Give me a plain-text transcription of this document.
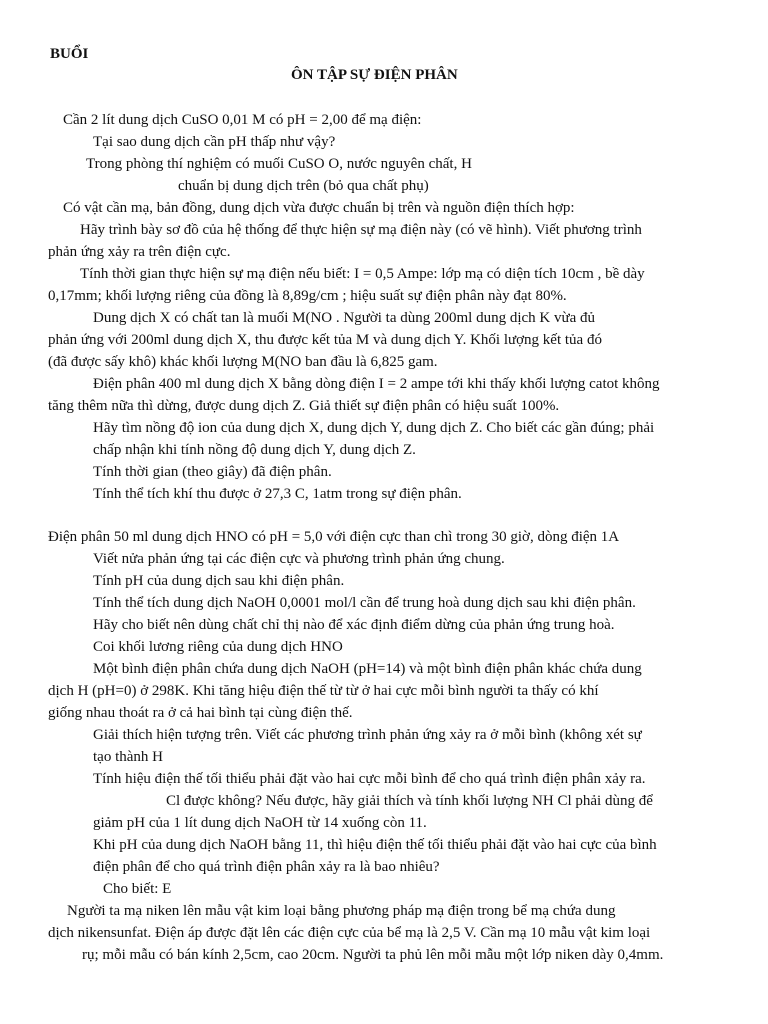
BUỔI
ÔN TẬP SỰ ĐIỆN PHÂN
Cần 2 lít dung dịch CuSO 0,01 M có pH = 2,00 để mạ điện:
Tại sao dung dịch cần pH thấp như vậy?
Trong phòng thí nghiệm có muối CuSO O, nước nguyên chất, H
chuẩn bị dung dịch trên (bỏ qua chất phụ)
Có vật cần mạ, bản đồng, dung dịch vừa được chuẩn bị trên và nguồn điện thích hợp:
Hãy trình bày sơ đồ của hệ thống để thực hiện sự mạ điện này (có vẽ hình). Viết phương trình
phản ứng xảy ra trên điện cực.
Tính thời gian thực hiện sự mạ điện nếu biết: I = 0,5 Ampe: lớp mạ có diện tích 10cm , bề dày
0,17mm; khối lượng riêng của đồng là 8,89g/cm ; hiệu suất sự điện phân này đạt 80%.
Dung dịch X có chất tan là muối M(NO . Người ta dùng 200ml dung dịch K vừa đủ
phản ứng với 200ml dung dịch X, thu được kết tủa M và dung dịch Y. Khối lượng kết tủa đó
(đã được sấy khô) khác khối lượng M(NO ban đầu là 6,825 gam.
Điện phân 400 ml dung dịch X bằng dòng điện I = 2 ampe tới khi thấy khối lượng catot không
tăng thêm nữa thì dừng, được dung dịch Z. Giả thiết sự điện phân có hiệu suất 100%.
Hãy tìm nồng độ ion của dung dịch X, dung dịch Y, dung dịch Z. Cho biết các gần đúng; phải
chấp nhận khi tính nồng độ dung dịch Y, dung dịch Z.
Tính thời gian (theo giây) đã điện phân.
Tính thể tích khí thu được ở 27,3 C, 1atm trong sự điện phân.
Điện phân 50 ml dung dịch HNO có pH = 5,0 với điện cực than chì trong 30 giờ, dòng điện 1A
Viết nửa phản ứng tại các điện cực và phương trình phản ứng chung.
Tính pH của dung dịch sau khi điện phân.
Tính thể tích dung dịch NaOH 0,0001 mol/l cần để trung hoà dung dịch sau khi điện phân.
Hãy cho biết nên dùng chất chỉ thị nào để xác định điểm dừng của phản ứng trung hoà.
Coi khối lương riêng của dung dịch HNO
Một bình điện phân chứa dung dịch NaOH (pH=14) và một bình điện phân khác chứa dung
dịch H (pH=0) ở 298K. Khi tăng hiệu điện thế từ từ ở hai cực mỗi bình người ta thấy có khí
giống nhau thoát ra ở cả hai bình tại cùng điện thế.
Giải thích hiện tượng trên. Viết các phương trình phản ứng xảy ra ở mỗi bình (không xét sự
tạo thành H
Tính hiệu điện thế tối thiểu phải đặt vào hai cực mỗi bình để cho quá trình điện phân xảy ra.
Cl được không? Nếu được, hãy giải thích và tính khối lượng NH Cl phải dùng để
giảm pH của 1 lít dung dịch NaOH từ 14 xuống còn 11.
Khi pH của dung dịch NaOH bằng 11, thì hiệu điện thế tối thiểu phải đặt vào hai cực của bình
điện phân để cho quá trình điện phân xảy ra là bao nhiêu?
Cho biết: E
Người ta mạ niken lên mẫu vật kim loại bằng phương pháp mạ điện trong bể mạ chứa dung
dịch nikensunfat. Điện áp được đặt lên các điện cực của bể mạ là 2,5 V. Cần mạ 10 mẫu vật kim loại
rụ; mỗi mẫu có bán kính 2,5cm, cao 20cm. Người ta phủ lên mỗi mẫu một lớp niken dày 0,4mm.
